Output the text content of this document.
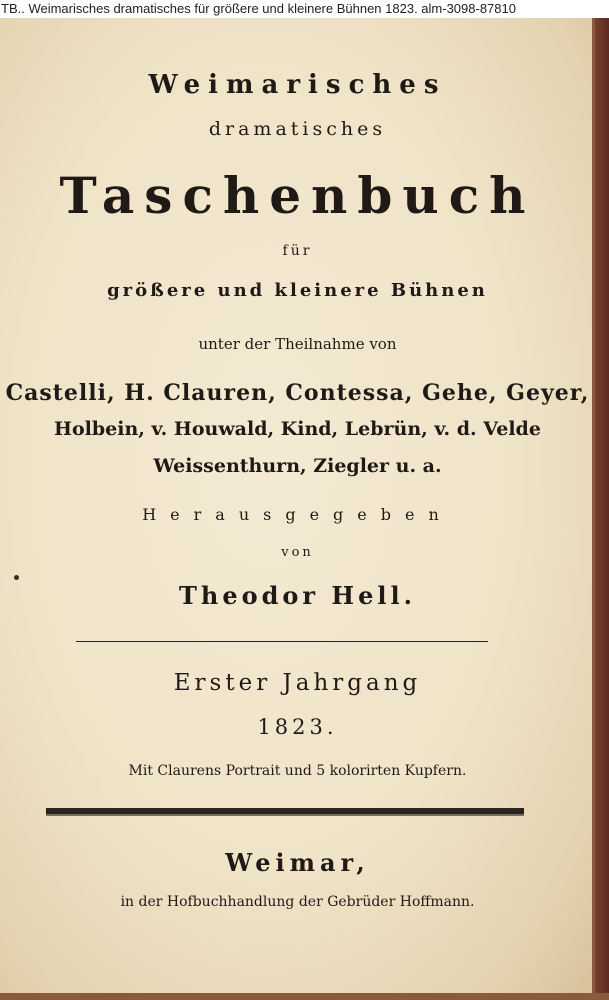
TB.. Weimarisches dramatisches für größere und kleinere Bühnen 1823. alm-3098-87810
Weimarisches
dramatisches
Taschenbuch
für
größere und kleinere Bühnen
unter der Theilnahme von
Castelli, H. Clauren, Contessa, Gehe, Geyer,
Holbein, v. Houwald, Kind, Lebrün, v. d. Velde
Weissenthurn, Ziegler u. a.
Herausgegeben
von
Theodor Hell.
Erster Jahrgang
1823.
Mit Claurens Portrait und 5 kolorirten Kupfern.
Weimar,
in der Hofbuchhandlung der Gebrüder Hoffmann.
